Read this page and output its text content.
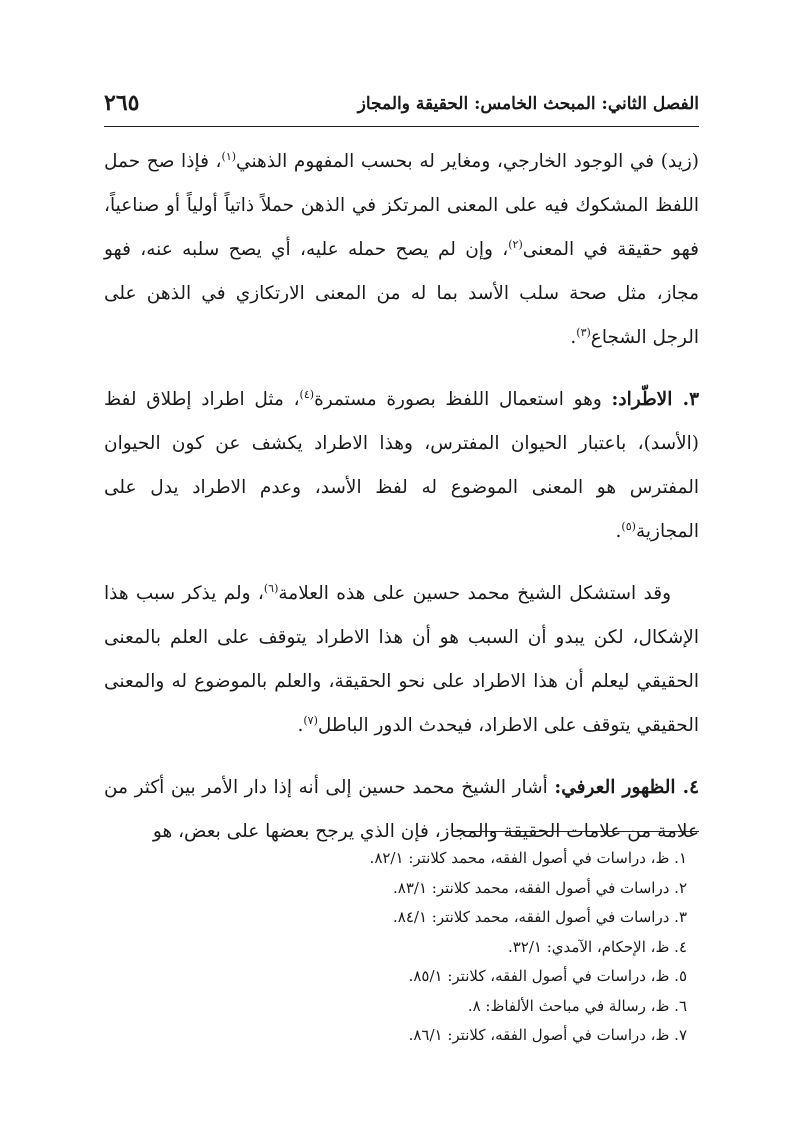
الفصل الثاني: المبحث الخامس: الحقيقة والمجاز
٢٦٥

(زيد) في الوجود الخارجي، ومغاير له بحسب المفهوم الذهني$^{(١)}$، فإذا صح حمل اللفظ المشكوك فيه على المعنى المرتكز في الذهن حملاً ذاتياً أولياً أو صناعياً، فهو حقيقة في المعنى$^{(٢)}$، وإن لم يصح حمله عليه، أي يصح سلبه عنه، فهو مجاز، مثل صحة سلب الأسد بما له من المعنى الارتكازي في الذهن على الرجل الشجاع$^{(٣)}$.

٣. الاطّراد: وهو استعمال اللفظ بصورة مستمرة$^{(٤)}$، مثل اطراد إطلاق لفظ (الأسد)، باعتبار الحيوان المفترس، وهذا الاطراد يكشف عن كون الحيوان المفترس هو المعنى الموضوع له لفظ الأسد، وعدم الاطراد يدل على المجازية$^{(٥)}$.

وقد استشكل الشيخ محمد حسين على هذه العلامة$^{(٦)}$، ولم يذكر سبب هذا الإشكال، لكن يبدو أن السبب هو أن هذا الاطراد يتوقف على العلم بالمعنى الحقيقي ليعلم أن هذا الاطراد على نحو الحقيقة، والعلم بالموضوع له والمعنى الحقيقي يتوقف على الاطراد، فيحدث الدور الباطل$^{(٧)}$.

٤. الظهور العرفي: أشار الشيخ محمد حسين إلى أنه إذا دار الأمر بين أكثر من علامة من علامات الحقيقة والمجاز، فإن الذي يرجح بعضها على بعض، هو

١. ظ، دراسات في أصول الفقه، محمد كلانتر: ٨٢/١.
٢. دراسات في أصول الفقه، محمد كلانتر: ٨٣/١.
٣. دراسات في أصول الفقه، محمد كلانتر: ٨٤/١.
٤. ظ، الإحكام، الآمدي: ٣٢/١.
٥. ظ، دراسات في أصول الفقه، كلانتر: ٨٥/١.
٦. ظ، رسالة في مباحث الألفاظ: ٨.
٧. ظ، دراسات في أصول الفقه، كلانتر: ٨٦/١.
